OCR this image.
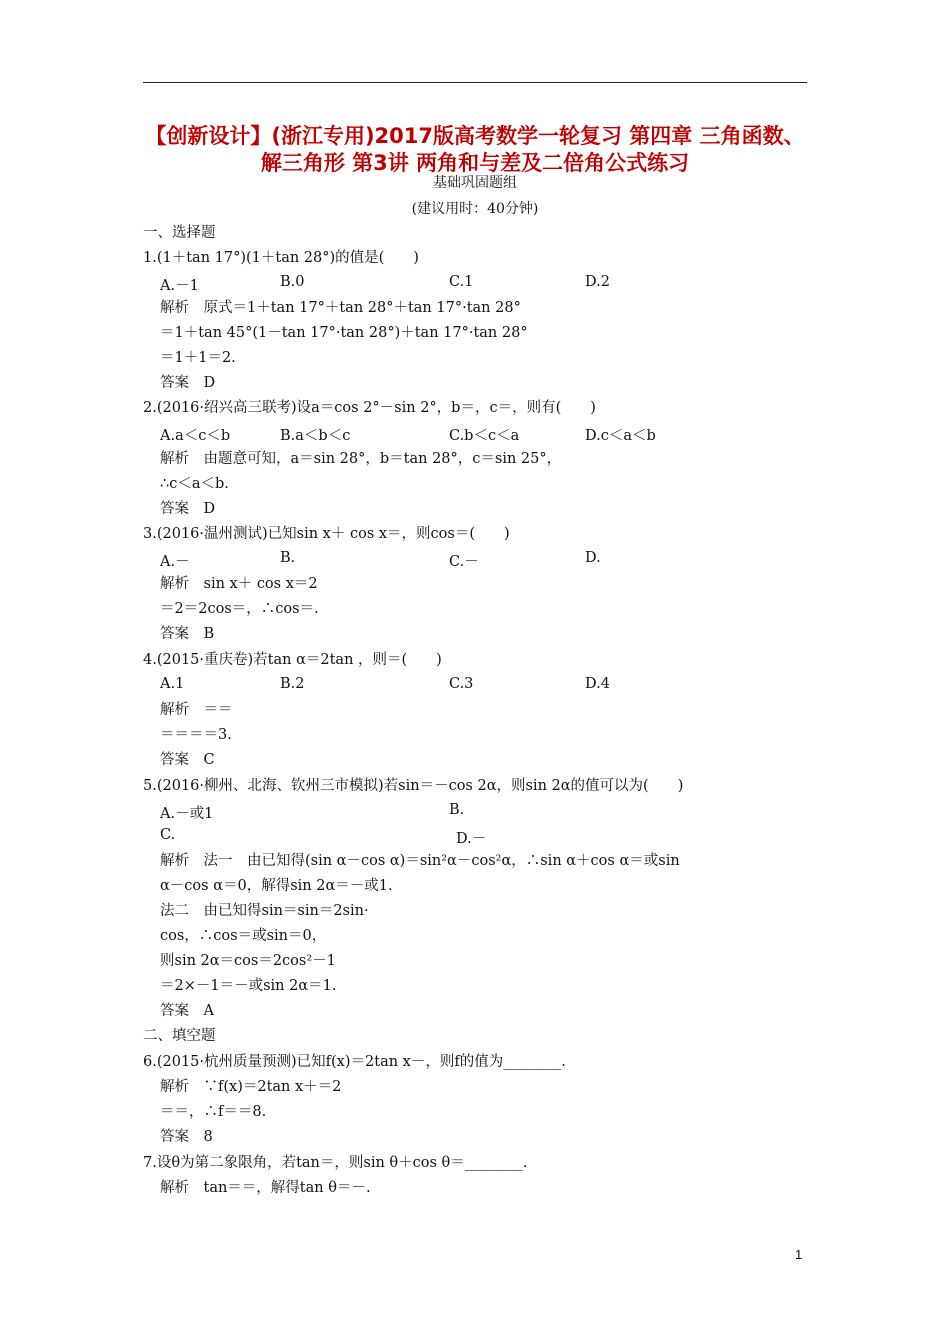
【创新设计】(浙江专用)2017版高考数学一轮复习 第四章 三角函数、
解三角形 第3讲 两角和与差及二倍角公式练习
基础巩固题组
(建议用时：40分钟)
一、选择题
1.(1＋tan 17°)(1＋tan 28°)的值是(　　)
A.－1	B.0	C.1	D.2
解析　原式＝1＋tan 17°＋tan 28°＋tan 17°·tan 28°
＝1＋tan 45°(1－tan 17°·tan 28°)＋tan 17°·tan 28°
＝1＋1＝2.
答案　D
2.(2016·绍兴高三联考)设a＝cos 2°－sin 2°，b＝，c＝，则有(　　)
A.a＜c＜b	B.a＜b＜c	C.b＜c＜a	D.c＜a＜b
解析　由题意可知，a＝sin 28°，b＝tan 28°，c＝sin 25°，
∴c＜a＜b.
答案　D
3.(2016·温州测试)已知sin x＋ cos x＝，则cos＝(　　)
A.－	B.	C.－	D.
解析　sin x＋ cos x＝2
＝2＝2cos＝，∴cos＝.
答案　B
4.(2015·重庆卷)若tan α＝2tan ，则＝(　　)
A.1	B.2	C.3	D.4
解析　＝＝
＝＝＝＝3.
答案　C
5.(2016·柳州、北海、钦州三市模拟)若sin＝－cos 2α，则sin 2α的值可以为(　　)
A.－或1	B.
C.	D.－
解析　法一　由已知得(sin α－cos α)＝sin²α－cos²α，∴sin α＋cos α＝或sin
α－cos α＝0，解得sin 2α＝－或1.
法二　由已知得sin＝sin＝2sin·
cos，∴cos＝或sin＝0，
则sin 2α＝cos＝2cos²－1
＝2×－1＝－或sin 2α＝1.
答案　A
二、填空题
6.(2015·杭州质量预测)已知f(x)＝2tan x－，则f的值为________.
解析　∵f(x)＝2tan x＋＝2
＝＝，∴f＝＝8.
答案　8
7.设θ为第二象限角，若tan＝，则sin θ＋cos θ＝________.
解析　tan＝＝，解得tan θ＝－.
1
